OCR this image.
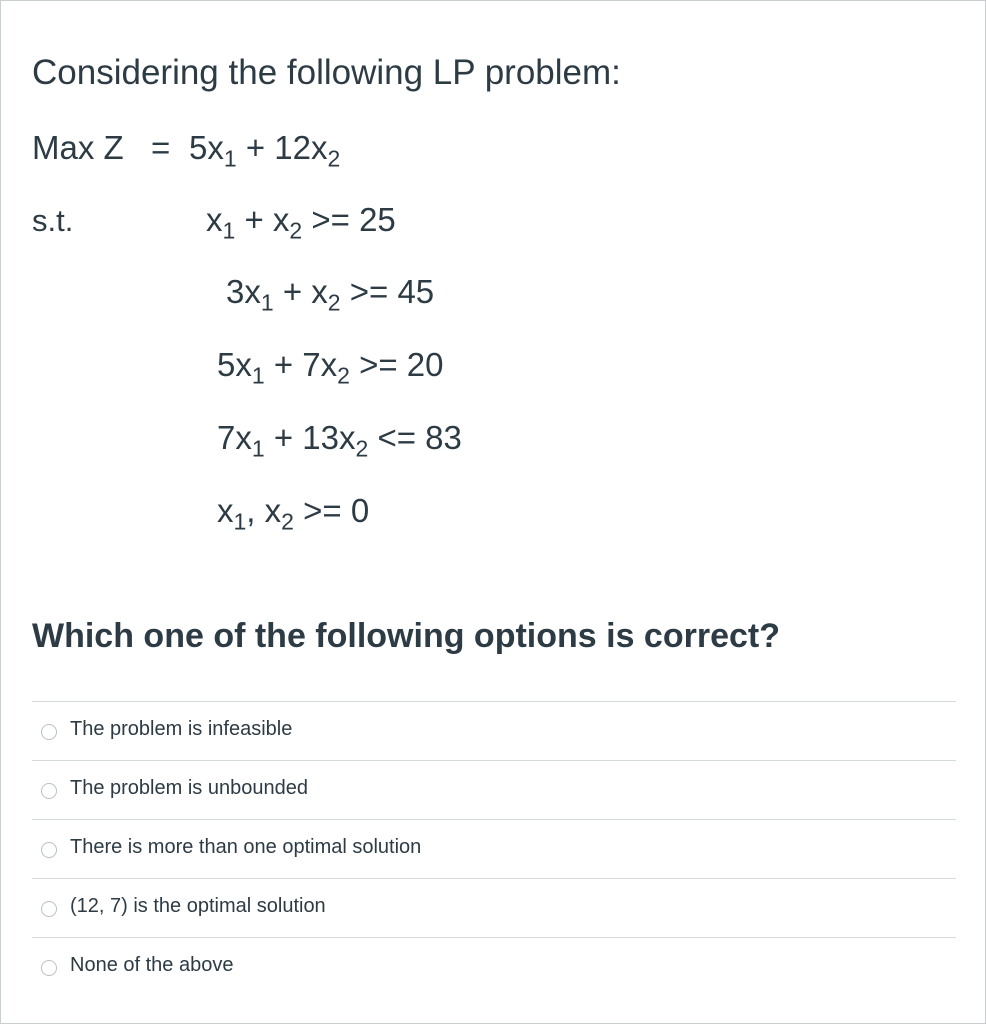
Considering the following LP problem:
Max $Z = 5x_1 + 12x_2$
s.t.	$x_1 + x_2 >= 25$
$3x_1 + x_2 >= 45$
$5x_1 + 7x_2 >= 20$
$7x_1 + 13x_2 <= 83$
$x_1$, $x_2 >= 0$
Which one of the following options is correct?
The problem is infeasible
The problem is unbounded
There is more than one optimal solution
(12, 7) is the optimal solution
None of the above
